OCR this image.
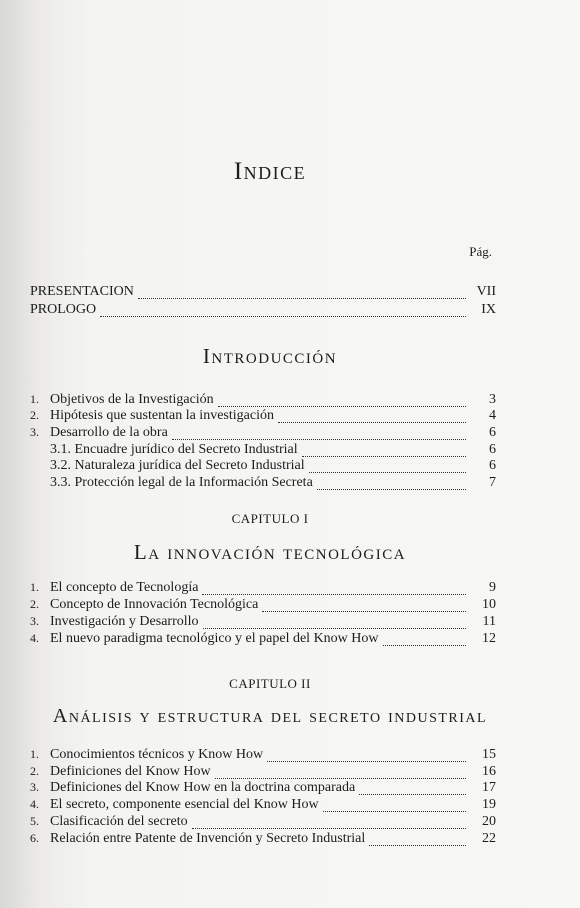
Indice
Pág.
PRESENTACION	VII
PROLOGO	IX
Introducción
1. Objetivos de la Investigación	3
2. Hipótesis que sustentan la investigación	4
3. Desarrollo de la obra	6
3.1. Encuadre jurídico del Secreto Industrial	6
3.2. Naturaleza jurídica del Secreto Industrial	6
3.3. Protección legal de la Información Secreta	7
CAPITULO I
La innovación tecnológica
1. El concepto de Tecnología	9
2. Concepto de Innovación Tecnológica	10
3. Investigación y Desarrollo	11
4. El nuevo paradigma tecnológico y el papel del Know How	12
CAPITULO II
Análisis y estructura del secreto industrial
1. Conocimientos técnicos y Know How	15
2. Definiciones del Know How	16
3. Definiciones del Know How en la doctrina comparada	17
4. El secreto, componente esencial del Know How	19
5. Clasificación del secreto	20
6. Relación entre Patente de Invención y Secreto Industrial	22
